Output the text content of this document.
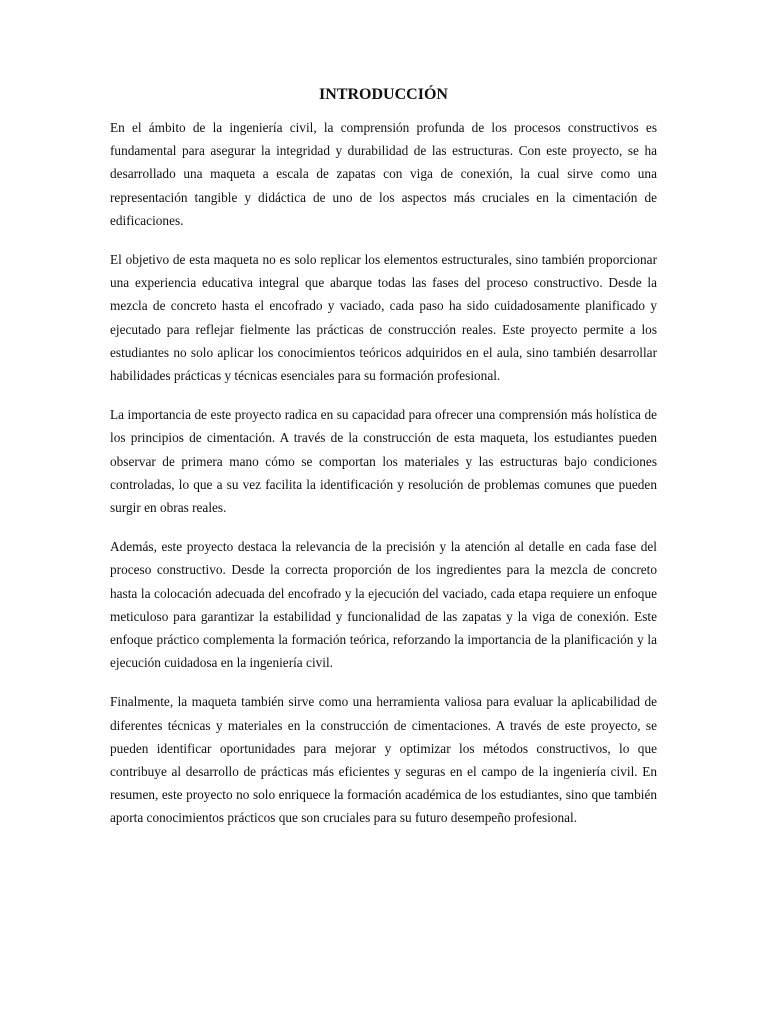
INTRODUCCIÓN

En el ámbito de la ingeniería civil, la comprensión profunda de los procesos constructivos es fundamental para asegurar la integridad y durabilidad de las estructuras. Con este proyecto, se ha desarrollado una maqueta a escala de zapatas con viga de conexión, la cual sirve como una representación tangible y didáctica de uno de los aspectos más cruciales en la cimentación de edificaciones.

El objetivo de esta maqueta no es solo replicar los elementos estructurales, sino también proporcionar una experiencia educativa integral que abarque todas las fases del proceso constructivo. Desde la mezcla de concreto hasta el encofrado y vaciado, cada paso ha sido cuidadosamente planificado y ejecutado para reflejar fielmente las prácticas de construcción reales. Este proyecto permite a los estudiantes no solo aplicar los conocimientos teóricos adquiridos en el aula, sino también desarrollar habilidades prácticas y técnicas esenciales para su formación profesional.

La importancia de este proyecto radica en su capacidad para ofrecer una comprensión más holística de los principios de cimentación. A través de la construcción de esta maqueta, los estudiantes pueden observar de primera mano cómo se comportan los materiales y las estructuras bajo condiciones controladas, lo que a su vez facilita la identificación y resolución de problemas comunes que pueden surgir en obras reales.

Además, este proyecto destaca la relevancia de la precisión y la atención al detalle en cada fase del proceso constructivo. Desde la correcta proporción de los ingredientes para la mezcla de concreto hasta la colocación adecuada del encofrado y la ejecución del vaciado, cada etapa requiere un enfoque meticuloso para garantizar la estabilidad y funcionalidad de las zapatas y la viga de conexión. Este enfoque práctico complementa la formación teórica, reforzando la importancia de la planificación y la ejecución cuidadosa en la ingeniería civil.

Finalmente, la maqueta también sirve como una herramienta valiosa para evaluar la aplicabilidad de diferentes técnicas y materiales en la construcción de cimentaciones. A través de este proyecto, se pueden identificar oportunidades para mejorar y optimizar los métodos constructivos, lo que contribuye al desarrollo de prácticas más eficientes y seguras en el campo de la ingeniería civil. En resumen, este proyecto no solo enriquece la formación académica de los estudiantes, sino que también aporta conocimientos prácticos que son cruciales para su futuro desempeño profesional.
